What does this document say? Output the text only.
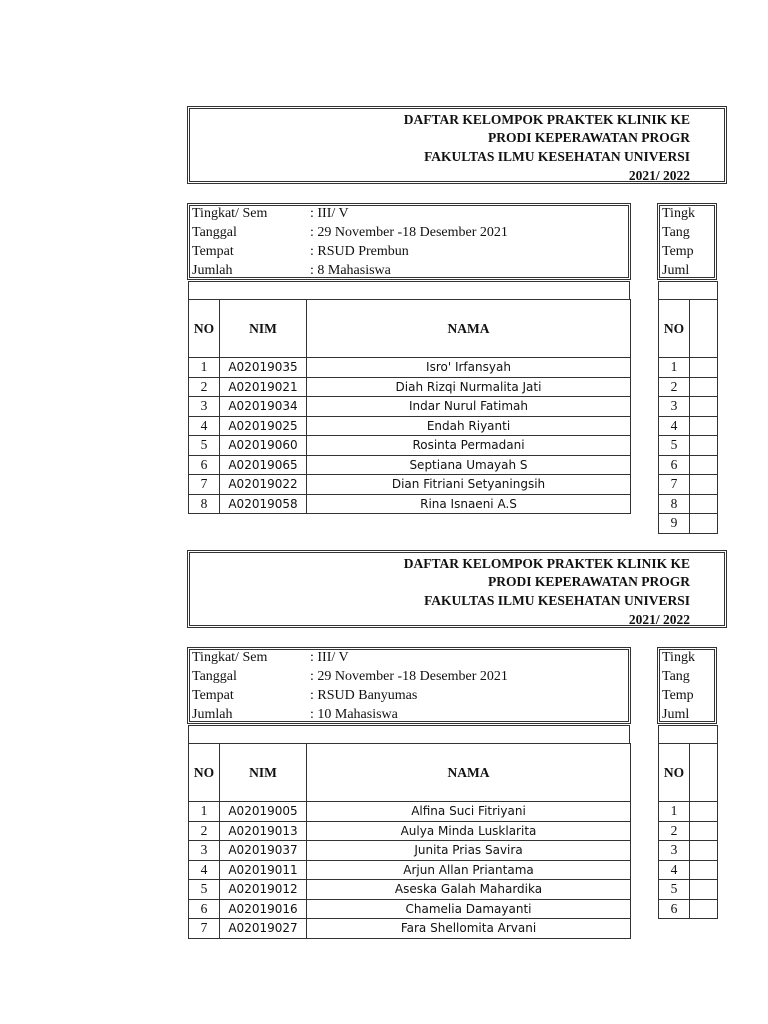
DAFTAR KELOMPOK PRAKTEK KLINIK KE
PRODI KEPERAWATAN PROGR
FAKULTAS ILMU KESEHATAN UNIVERSI
2021/ 2022
Tingkat/ Sem	: III/ V
Tanggal	: 29 November -18 Desember 2021
Tempat	: RSUD Prembun
Jumlah	: 8 Mahasiswa
NO	NIM	NAMA
1	A02019035	Isro' Irfansyah
2	A02019021	Diah Rizqi Nurmalita Jati
3	A02019034	Indar Nurul Fatimah
4	A02019025	Endah Riyanti
5	A02019060	Rosinta Permadani
6	A02019065	Septiana Umayah S
7	A02019022	Dian Fitriani Setyaningsih
8	A02019058	Rina Isnaeni A.S
Tingk
Tang
Temp
Juml
NO	
1	
2	
3	
4	
5	
6	
7	
8	
9	
DAFTAR KELOMPOK PRAKTEK KLINIK KE
PRODI KEPERAWATAN PROGR
FAKULTAS ILMU KESEHATAN UNIVERSI
2021/ 2022
Tingkat/ Sem	: III/ V
Tanggal	: 29 November -18 Desember 2021
Tempat	: RSUD Banyumas
Jumlah	: 10 Mahasiswa
NO	NIM	NAMA
1	A02019005	Alfina Suci Fitriyani
2	A02019013	Aulya Minda Lusklarita
3	A02019037	Junita Prias Savira
4	A02019011	Arjun Allan Priantama
5	A02019012	Aseska Galah Mahardika
6	A02019016	Chamelia Damayanti
7	A02019027	Fara Shellomita Arvani
Tingk
Tang
Temp
Juml
NO	
1	
2	
3	
4	
5	
6	
